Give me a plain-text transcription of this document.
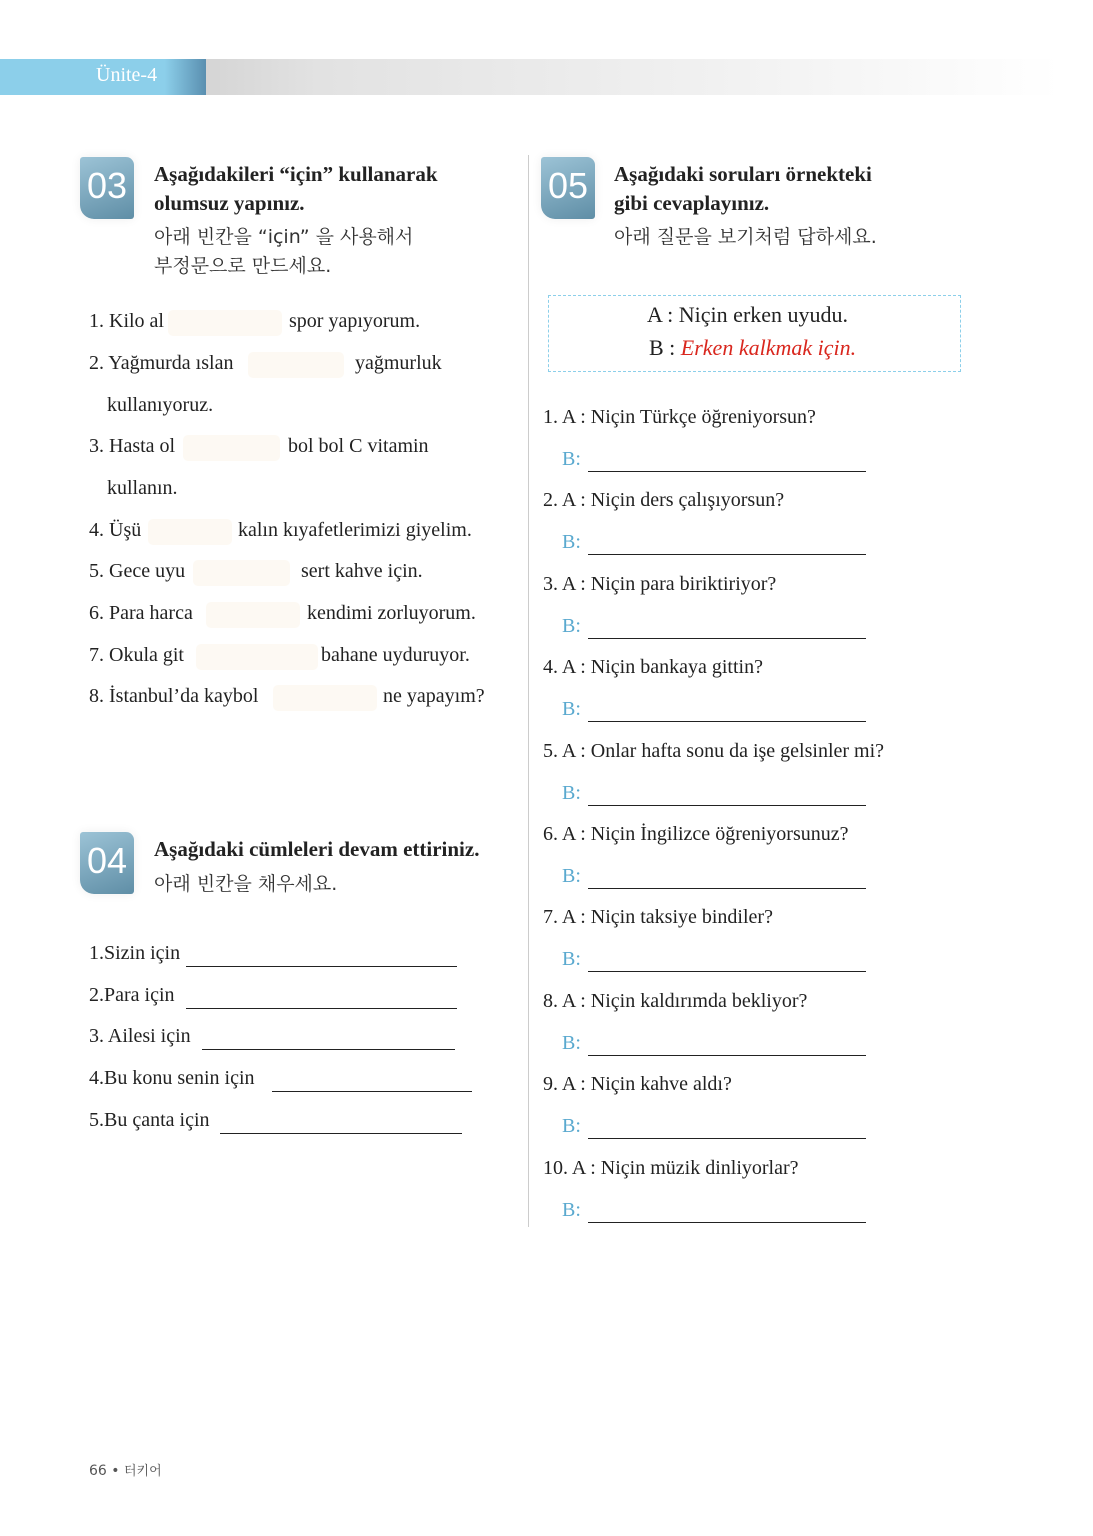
Ünite-4
03	Aşağıdakileri “için” kullanarak
olumsuz yapınız.
아래 빈칸을 “için” 을 사용해서
부정문으로 만드세요.
04	Aşağıdaki cümleleri devam ettiriniz.
아래 빈칸을 채우세요.
05	Aşağıdaki soruları örnekteki
gibi cevaplayınız.
아래 질문을 보기처럼 답하세요.
A : Niçin erken uyudu.
B : Erken kalkmak için.
66 • 터키어
1. Kilo al	spor yapıyorum.
2. Yağmurda ıslan	yağmurluk
kullanıyoruz.
3. Hasta ol	bol bol C vitamin
kullanın.
4. Üşü	kalın kıyafetlerimizi giyelim.
5. Gece uyu	sert kahve için.
6. Para harca	kendimi zorluyorum.
7. Okula git	bahane uyduruyor.
8. İstanbul’da kaybol	ne yapayım?
1.Sizin için
2.Para için
3. Ailesi için
4.Bu konu senin için
5.Bu çanta için
1. A : Niçin Türkçe öğreniyorsun?
B:
2. A : Niçin ders çalışıyorsun?
B:
3. A : Niçin para biriktiriyor?
B:
4. A : Niçin bankaya gittin?
B:
5. A : Onlar hafta sonu da işe gelsinler mi?
B:
6. A : Niçin İngilizce öğreniyorsunuz?
B:
7. A : Niçin taksiye bindiler?
B:
8. A : Niçin kaldırımda bekliyor?
B:
9. A : Niçin kahve aldı?
B:
10. A : Niçin müzik dinliyorlar?
B:
